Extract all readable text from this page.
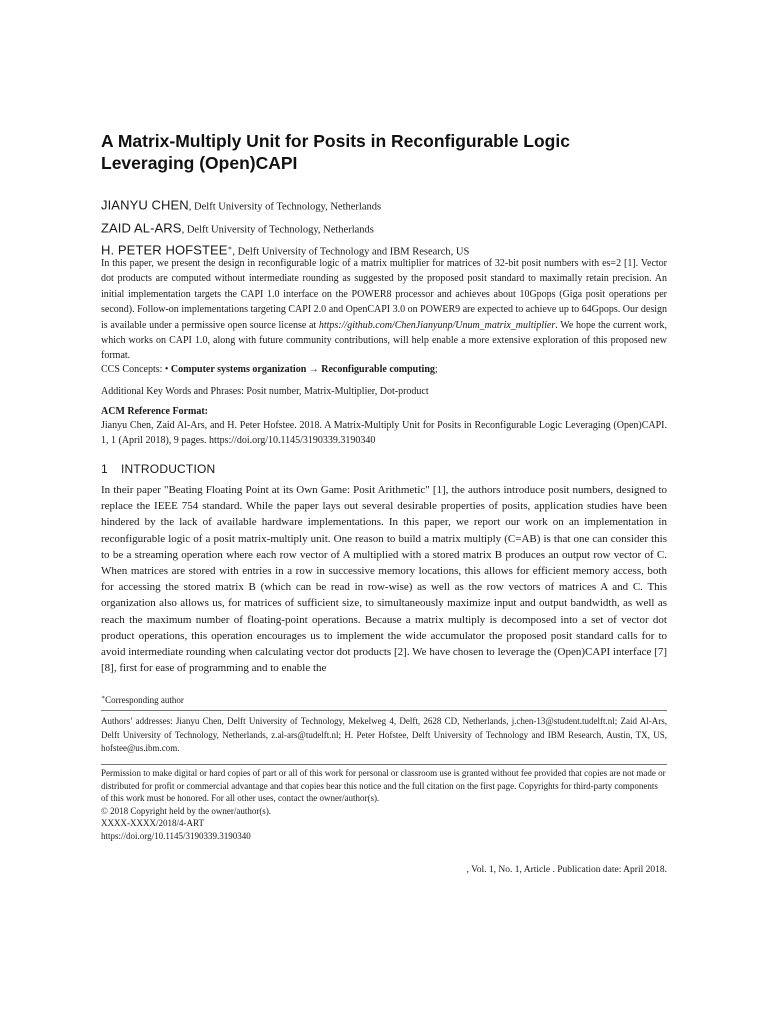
A Matrix-Multiply Unit for Posits in Reconfigurable Logic Leveraging (Open)CAPI
JIANYU CHEN, Delft University of Technology, Netherlands
ZAID AL-ARS, Delft University of Technology, Netherlands
H. PETER HOFSTEE∗, Delft University of Technology and IBM Research, US
In this paper, we present the design in reconfigurable logic of a matrix multiplier for matrices of 32-bit posit numbers with es=2 [1]. Vector dot products are computed without intermediate rounding as suggested by the proposed posit standard to maximally retain precision. An initial implementation targets the CAPI 1.0 interface on the POWER8 processor and achieves about 10Gpops (Giga posit operations per second). Follow-on implementations targeting CAPI 2.0 and OpenCAPI 3.0 on POWER9 are expected to achieve up to 64Gpops. Our design is available under a permissive open source license at https://github.com/ChenJianyunp/Unum_matrix_multiplier. We hope the current work, which works on CAPI 1.0, along with future community contributions, will help enable a more extensive exploration of this proposed new format.
CCS Concepts: • Computer systems organization → Reconfigurable computing;
Additional Key Words and Phrases: Posit number, Matrix-Multiplier, Dot-product
ACM Reference Format:
Jianyu Chen, Zaid Al-Ars, and H. Peter Hofstee. 2018. A Matrix-Multiply Unit for Posits in Reconfigurable Logic Leveraging (Open)CAPI. 1, 1 (April 2018), 9 pages. https://doi.org/10.1145/3190339.3190340
1 INTRODUCTION
In their paper "Beating Floating Point at its Own Game: Posit Arithmetic" [1], the authors introduce posit numbers, designed to replace the IEEE 754 standard. While the paper lays out several desirable properties of posits, application studies have been hindered by the lack of available hardware implementations. In this paper, we report our work on an implementation in reconfigurable logic of a posit matrix-multiply unit. One reason to build a matrix multiply (C=AB) is that one can consider this to be a streaming operation where each row vector of A multiplied with a stored matrix B produces an output row vector of C. When matrices are stored with entries in a row in successive memory locations, this allows for efficient memory access, both for accessing the stored matrix B (which can be read in row-wise) as well as the row vectors of matrices A and C. This organization also allows us, for matrices of sufficient size, to simultaneously maximize input and output bandwidth, as well as reach the maximum number of floating-point operations. Because a matrix multiply is decomposed into a set of vector dot product operations, this operation encourages us to implement the wide accumulator the proposed posit standard calls for to avoid intermediate rounding when calculating vector dot products [2]. We have chosen to leverage the (Open)CAPI interface [7] [8], first for ease of programming and to enable the
∗Corresponding author
Authors’ addresses: Jianyu Chen, Delft University of Technology, Mekelweg 4, Delft, 2628 CD, Netherlands, j.chen-13@student.tudelft.nl; Zaid Al-Ars, Delft University of Technology, Netherlands, z.al-ars@tudelft.nl; H. Peter Hofstee, Delft University of Technology and IBM Research, Austin, TX, US, hofstee@us.ibm.com.
Permission to make digital or hard copies of part or all of this work for personal or classroom use is granted without fee provided that copies are not made or distributed for profit or commercial advantage and that copies bear this notice and the full citation on the first page. Copyrights for third-party components of this work must be honored. For all other uses, contact the owner/author(s).
© 2018 Copyright held by the owner/author(s).
XXXX-XXXX/2018/4-ART
https://doi.org/10.1145/3190339.3190340
, Vol. 1, No. 1, Article . Publication date: April 2018.
